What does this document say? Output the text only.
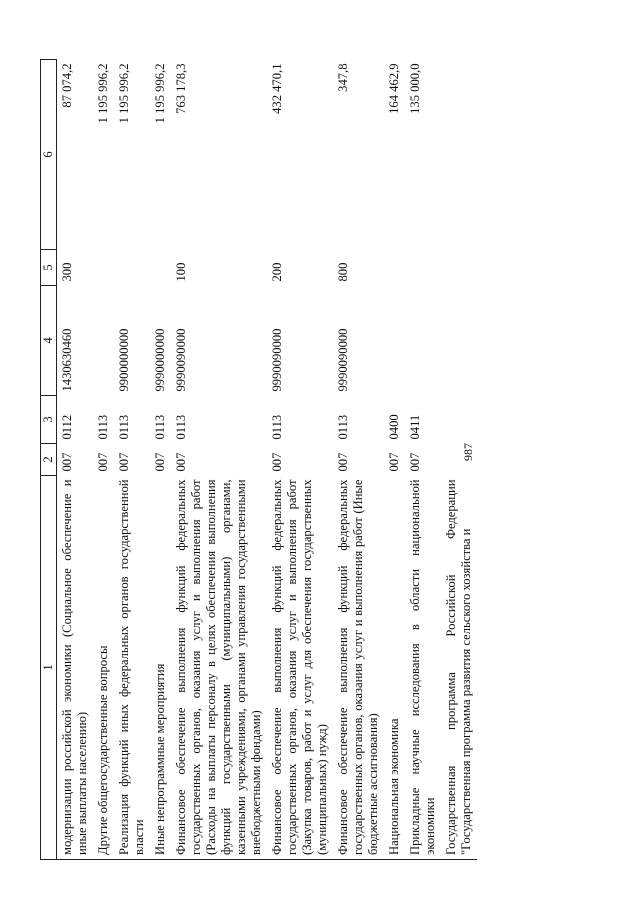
987
1	2	3	4	5	6
модернизации российской экономики (Социальное обеспечение и иные выплаты населению)	007	0112	1430630460	300	87 074,2
Другие общегосударственные вопросы	007	0113			1 195 996,2
Реализация функций иных федеральных органов государственной власти	007	0113	9900000000		1 195 996,2
Иные непрограммные мероприятия	007	0113	9990000000		1 195 996,2
Финансовое обеспечение выполнения функций федеральных государственных органов, оказания услуг и выполнения работ (Расходы на выплаты персоналу в целях обеспечения выполнения функций государственными (муниципальными) органами, казенными учреждениями, органами управления государственными внебюджетными фондами)	007	0113	9990090000	100	763 178,3
Финансовое обеспечение выполнения функций федеральных государственных органов, оказания услуг и выполнения работ (Закупка товаров, работ и услуг для обеспечения государственных (муниципальных) нужд)	007	0113	9990090000	200	432 470,1
Финансовое обеспечение выполнения функций федеральных государственных органов, оказания услуг и выполнения работ (Иные бюджетные ассигнования)	007	0113	9990090000	800	347,8
Национальная экономика	007	0400			164 462,9
Прикладные научные исследования в области национальной экономики	007	0411			135 000,0
Государственная программа Российской Федерации "Государственная программа развития сельского хозяйства и					
